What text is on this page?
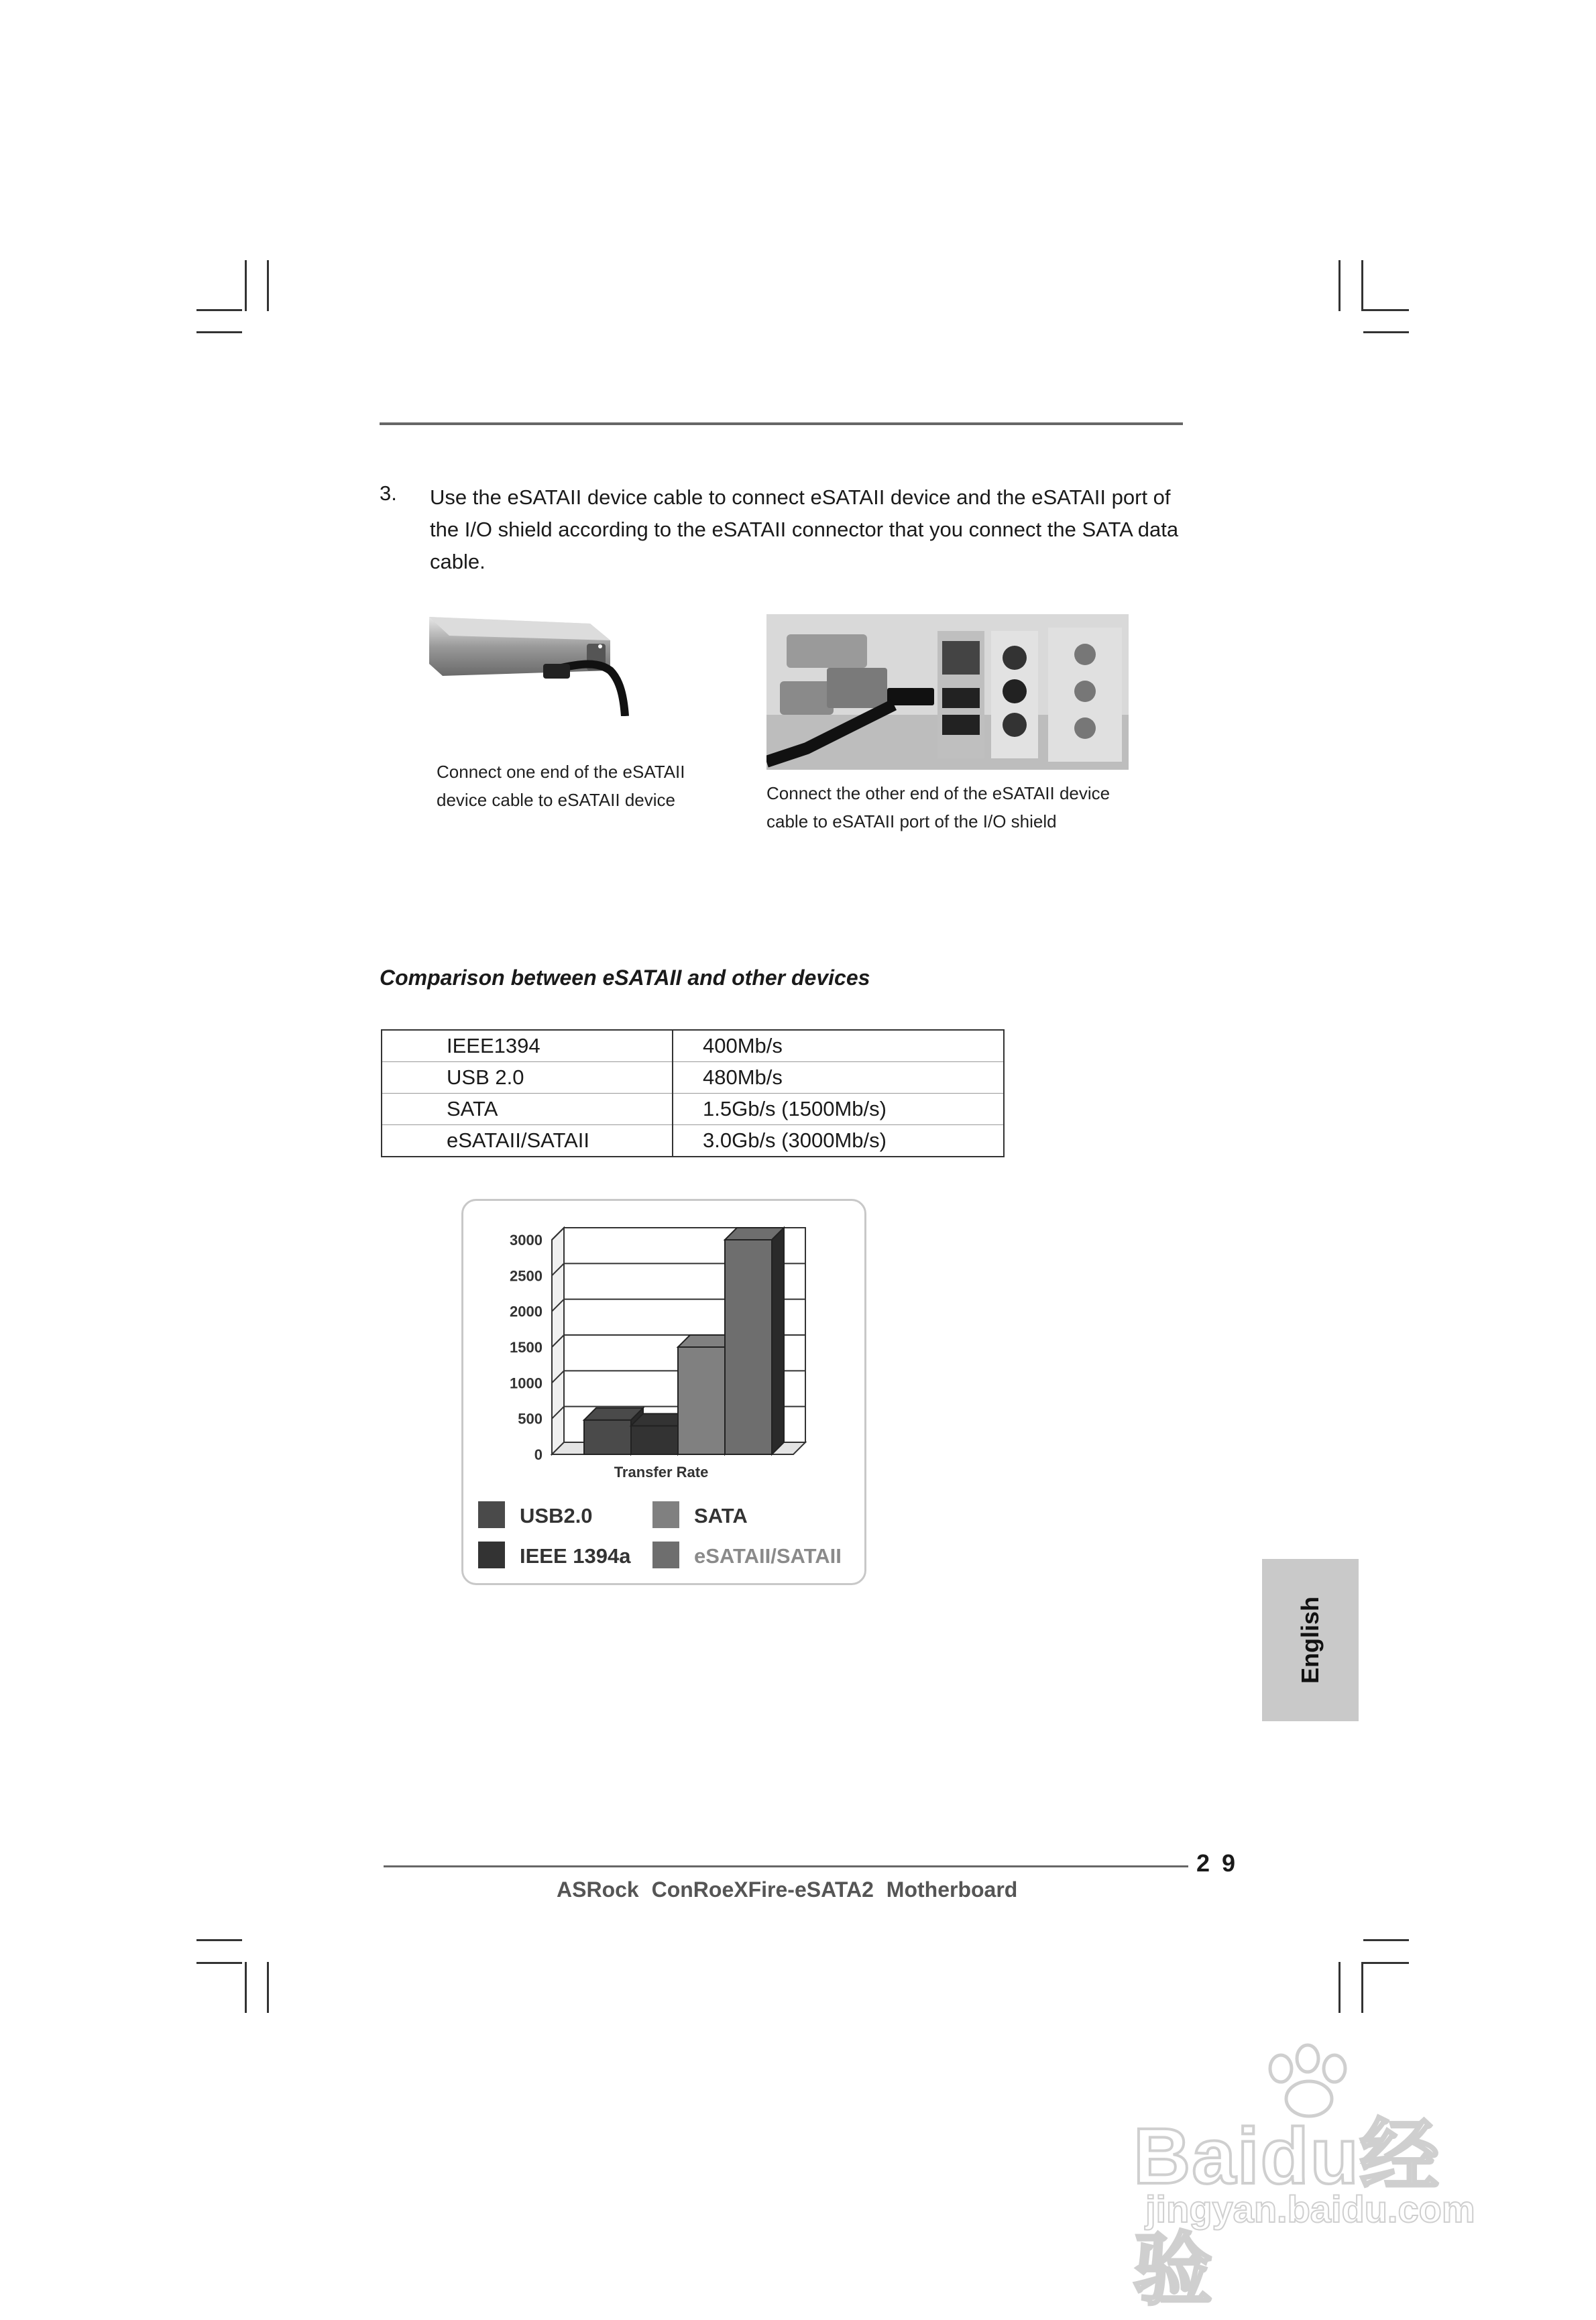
3. Use the eSATAII device cable to connect eSATAII device and the eSATAII port of the I/O shield according to the eSATAII connector that you connect the SATA data cable.
Connect one end of the eSATAII device cable to eSATAII device	Connect the other end of the eSATAII device cable to eSATAII port of the I/O shield
Comparison between eSATAII and other devices
IEEE1394	400Mb/s
USB 2.0	480Mb/s
SATA	1.5Gb/s (1500Mb/s)
eSATAII/SATAII	3.0Gb/s (3000Mb/s)
0
500
1000
1500
2000
2500
3000
Transfer Rate
USB2.0	SATA
IEEE 1394a	eSATAII/SATAII
English
2 9
ASRock ConRoeXFire-eSATA2 Motherboard
Baidu经验
jingyan.baidu.com
